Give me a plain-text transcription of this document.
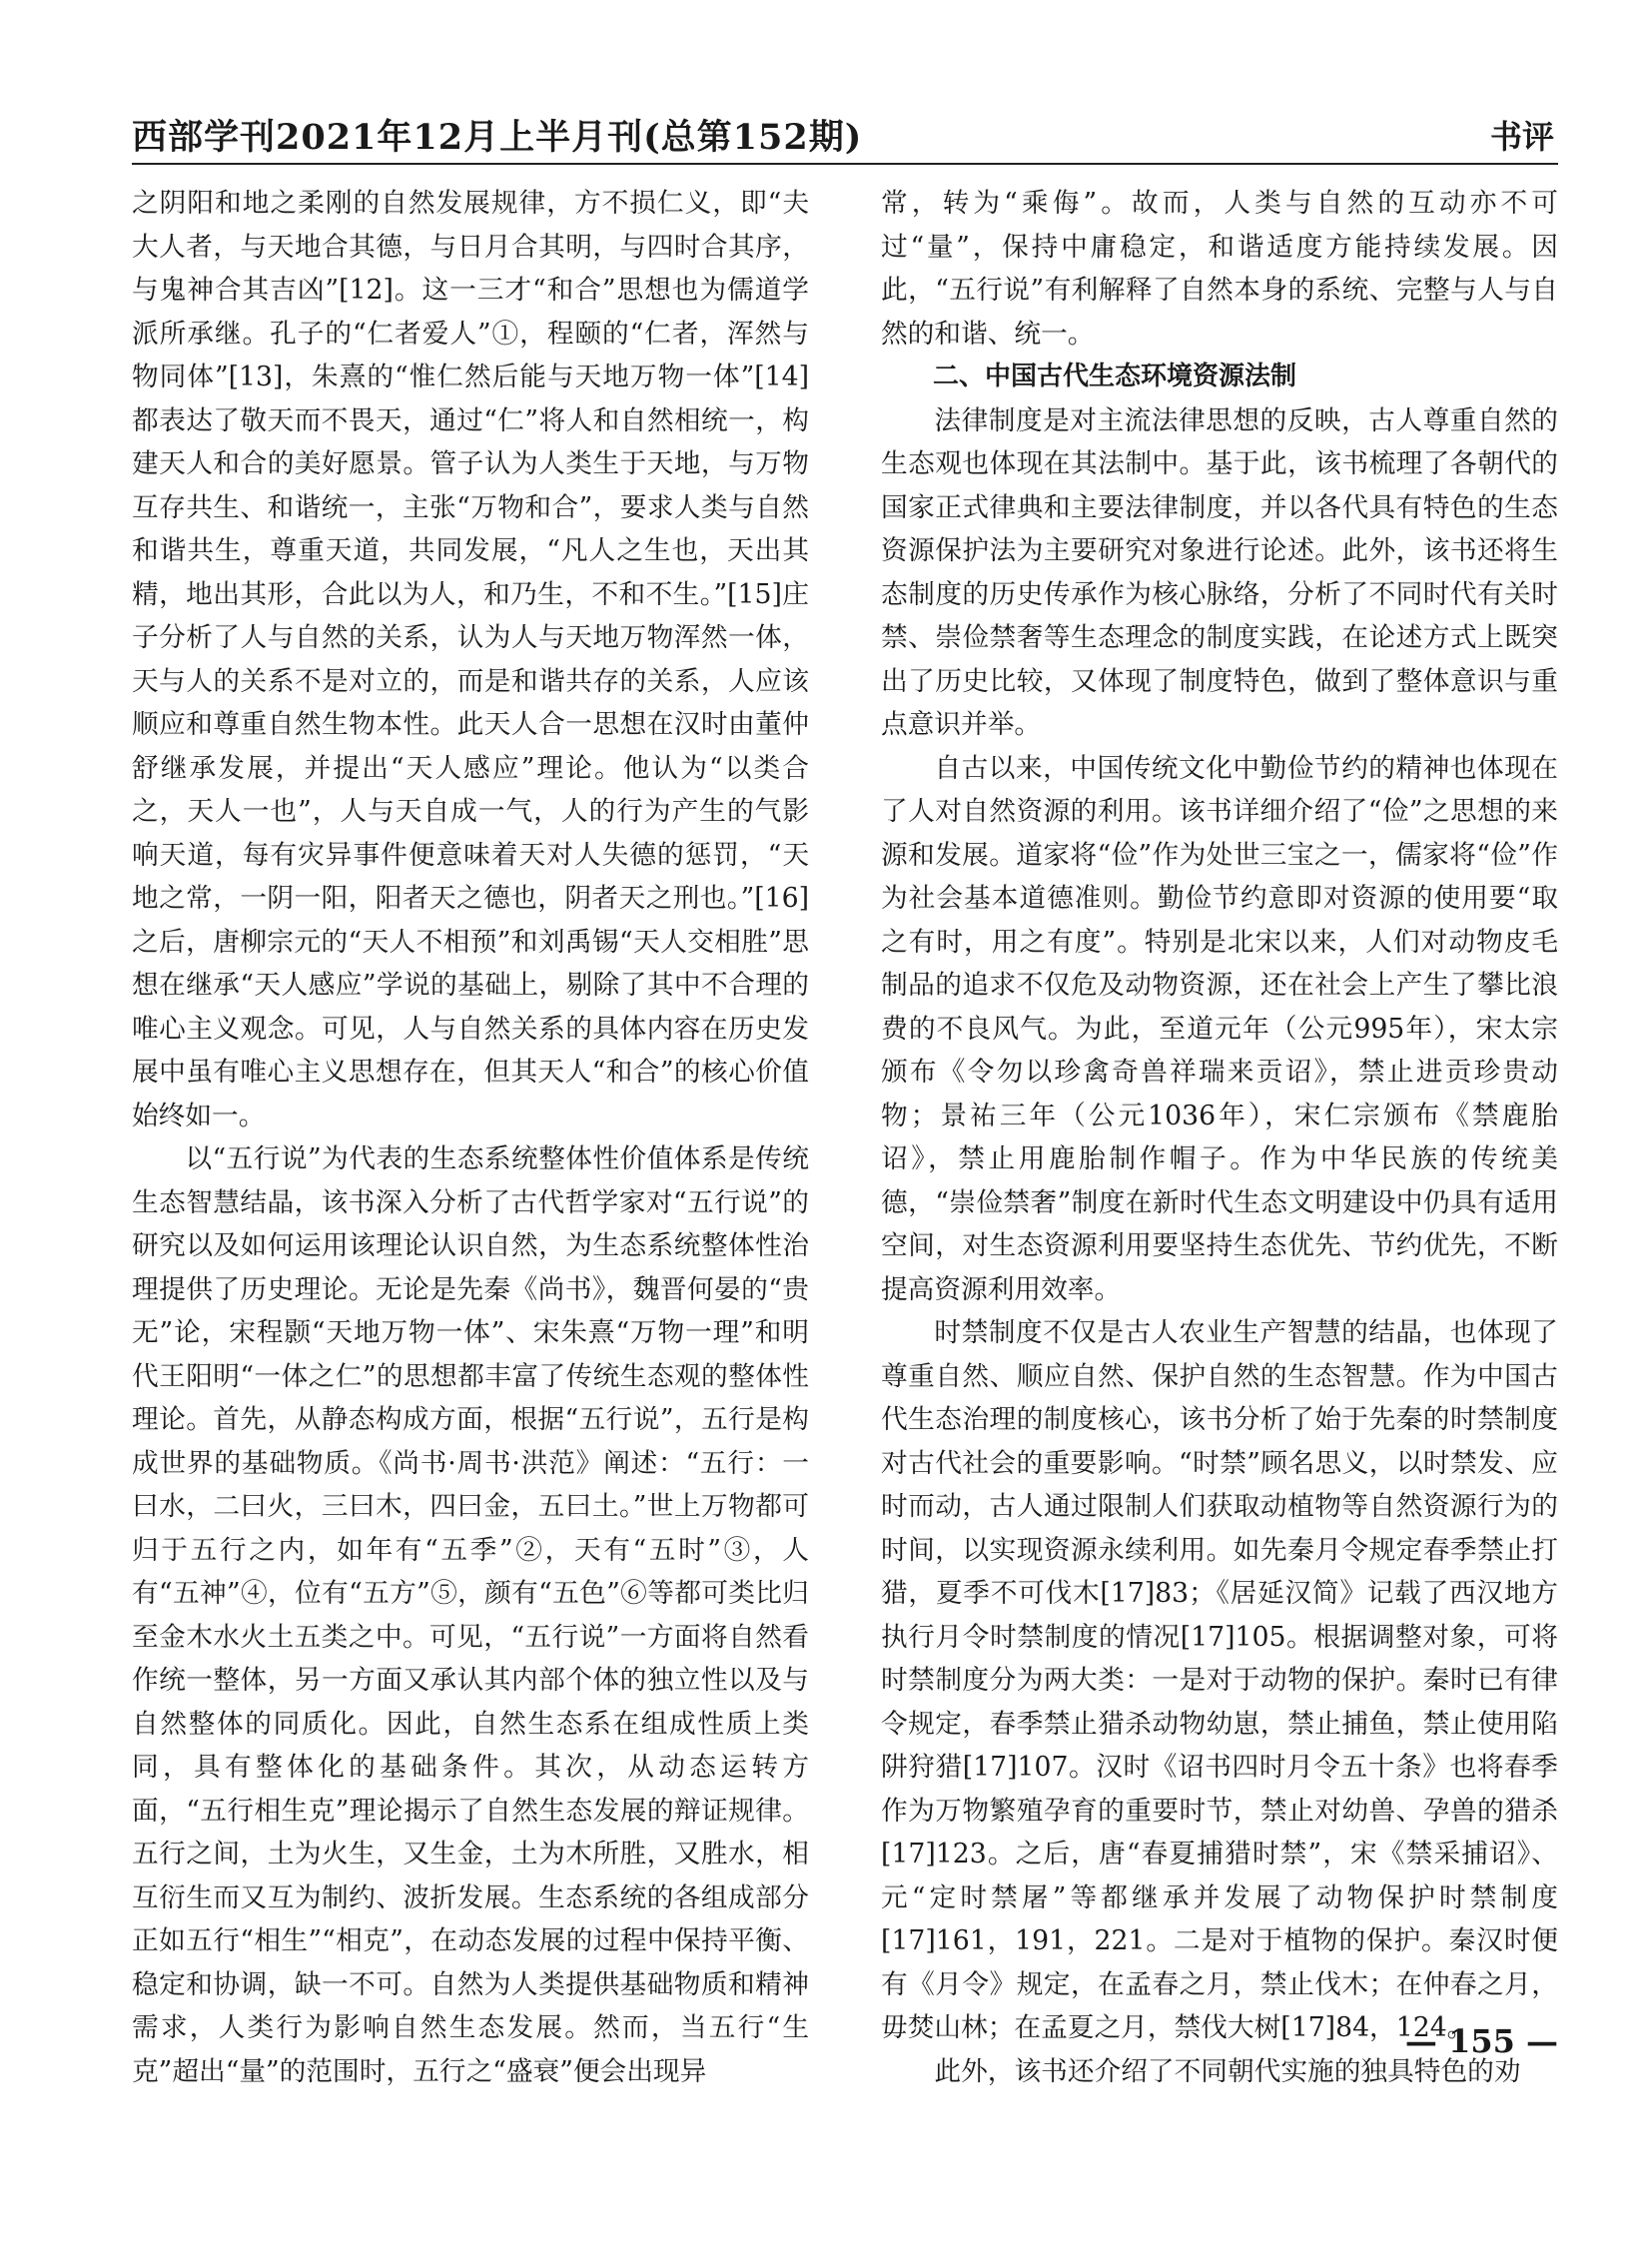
西部学刊2021年12月上半月刊(总第152期)	书评

之阴阳和地之柔刚的自然发展规律，方不损仁义，即“夫大人者，与天地合其德，与日月合其明，与四时合其序，与鬼神合其吉凶”[12]。这一三才“和合”思想也为儒道学派所承继。孔子的“仁者爱人”①，程颐的“仁者，浑然与物同体”[13]，朱熹的“惟仁然后能与天地万物一体”[14]都表达了敬天而不畏天，通过“仁”将人和自然相统一，构建天人和合的美好愿景。管子认为人类生于天地，与万物互存共生、和谐统一，主张“万物和合”，要求人类与自然和谐共生，尊重天道，共同发展，“凡人之生也，天出其精，地出其形，合此以为人，和乃生，不和不生。”[15]庄子分析了人与自然的关系，认为人与天地万物浑然一体，天与人的关系不是对立的，而是和谐共存的关系，人应该顺应和尊重自然生物本性。此天人合一思想在汉时由董仲舒继承发展，并提出“天人感应”理论。他认为“以类合之，天人一也”，人与天自成一气，人的行为产生的气影响天道，每有灾异事件便意味着天对人失德的惩罚，“天地之常，一阴一阳，阳者天之德也，阴者天之刑也。”[16]之后，唐柳宗元的“天人不相预”和刘禹锡“天人交相胜”思想在继承“天人感应”学说的基础上，剔除了其中不合理的唯心主义观念。可见，人与自然关系的具体内容在历史发展中虽有唯心主义思想存在，但其天人“和合”的核心价值始终如一。

以“五行说”为代表的生态系统整体性价值体系是传统生态智慧结晶，该书深入分析了古代哲学家对“五行说”的研究以及如何运用该理论认识自然，为生态系统整体性治理提供了历史理论。无论是先秦《尚书》，魏晋何晏的“贵无”论，宋程颢“天地万物一体”、宋朱熹“万物一理”和明代王阳明“一体之仁”的思想都丰富了传统生态观的整体性理论。首先，从静态构成方面，根据“五行说”，五行是构成世界的基础物质。《尚书·周书·洪范》阐述：“五行：一曰水，二曰火，三曰木，四曰金，五曰土。”世上万物都可归于五行之内，如年有“五季”②，天有“五时”③，人有“五神”④，位有“五方”⑤，颜有“五色”⑥等都可类比归至金木水火土五类之中。可见，“五行说”一方面将自然看作统一整体，另一方面又承认其内部个体的独立性以及与自然整体的同质化。因此，自然生态系在组成性质上类同，具有整体化的基础条件。其次，从动态运转方面，“五行相生克”理论揭示了自然生态发展的辩证规律。五行之间，土为火生，又生金，土为木所胜，又胜水，相互衍生而又互为制约、波折发展。生态系统的各组成部分正如五行“相生”“相克”，在动态发展的过程中保持平衡、稳定和协调，缺一不可。自然为人类提供基础物质和精神需求，人类行为影响自然生态发展。然而，当五行“生克”超出“量”的范围时，五行之“盛衰”便会出现异

常，转为“乘侮”。故而，人类与自然的互动亦不可过“量”，保持中庸稳定，和谐适度方能持续发展。因此，“五行说”有利解释了自然本身的系统、完整与人与自然的和谐、统一。

二、中国古代生态环境资源法制

法律制度是对主流法律思想的反映，古人尊重自然的生态观也体现在其法制中。基于此，该书梳理了各朝代的国家正式律典和主要法律制度，并以各代具有特色的生态资源保护法为主要研究对象进行论述。此外，该书还将生态制度的历史传承作为核心脉络，分析了不同时代有关时禁、崇俭禁奢等生态理念的制度实践，在论述方式上既突出了历史比较，又体现了制度特色，做到了整体意识与重点意识并举。

自古以来，中国传统文化中勤俭节约的精神也体现在了人对自然资源的利用。该书详细介绍了“俭”之思想的来源和发展。道家将“俭”作为处世三宝之一，儒家将“俭”作为社会基本道德准则。勤俭节约意即对资源的使用要“取之有时，用之有度”。特别是北宋以来，人们对动物皮毛制品的追求不仅危及动物资源，还在社会上产生了攀比浪费的不良风气。为此，至道元年（公元995年），宋太宗颁布《令勿以珍禽奇兽祥瑞来贡诏》，禁止进贡珍贵动物；景祐三年（公元1036年），宋仁宗颁布《禁鹿胎诏》，禁止用鹿胎制作帽子。作为中华民族的传统美德，“崇俭禁奢”制度在新时代生态文明建设中仍具有适用空间，对生态资源利用要坚持生态优先、节约优先，不断提高资源利用效率。

时禁制度不仅是古人农业生产智慧的结晶，也体现了尊重自然、顺应自然、保护自然的生态智慧。作为中国古代生态治理的制度核心，该书分析了始于先秦的时禁制度对古代社会的重要影响。“时禁”顾名思义，以时禁发、应时而动，古人通过限制人们获取动植物等自然资源行为的时间，以实现资源永续利用。如先秦月令规定春季禁止打猎，夏季不可伐木[17]83；《居延汉简》记载了西汉地方执行月令时禁制度的情况[17]105。根据调整对象，可将时禁制度分为两大类：一是对于动物的保护。秦时已有律令规定，春季禁止猎杀动物幼崽，禁止捕鱼，禁止使用陷阱狩猎[17]107。汉时《诏书四时月令五十条》也将春季作为万物繁殖孕育的重要时节，禁止对幼兽、孕兽的猎杀[17]123。之后，唐“春夏捕猎时禁”，宋《禁采捕诏》、元“定时禁屠”等都继承并发展了动物保护时禁制度[17]161，191，221。二是对于植物的保护。秦汉时便有《月令》规定，在孟春之月，禁止伐木；在仲春之月，毋焚山林；在孟夏之月，禁伐大树[17]84，124。

此外，该书还介绍了不同朝代实施的独具特色的劝

— 155 —
